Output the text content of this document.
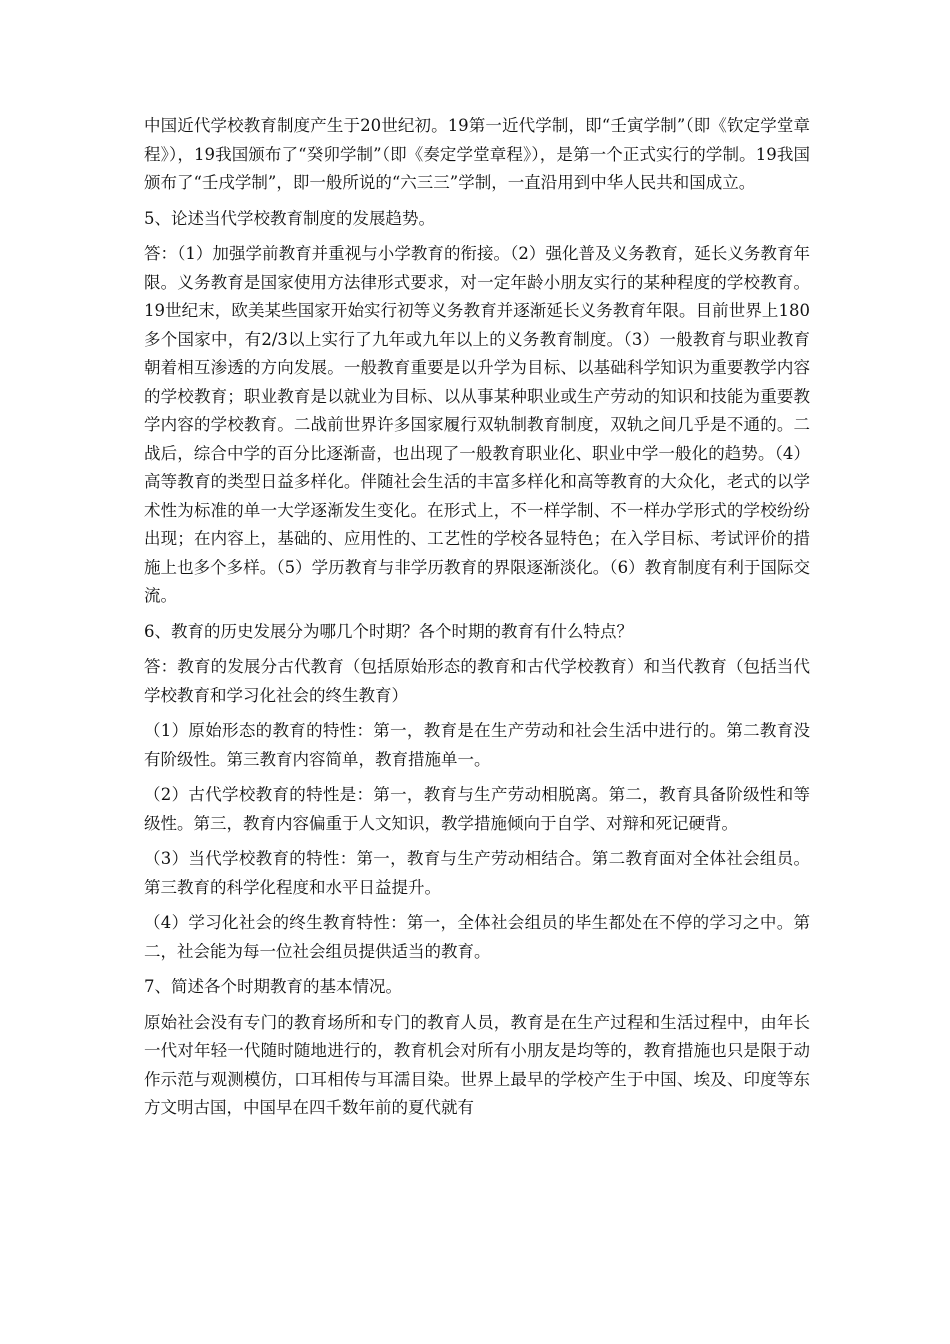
中国近代学校教育制度产生于20世纪初。19第一近代学制，即“壬寅学制”（即《钦定学堂章程》），19我国颁布了“癸卯学制”（即《奏定学堂章程》），是第一个正式实行的学制。19我国颁布了“壬戌学制”，即一般所说的“六三三”学制，一直沿用到中华人民共和国成立。

5、论述当代学校教育制度的发展趋势。

答：（1）加强学前教育并重视与小学教育的衔接。（2）强化普及义务教育，延长义务教育年限。义务教育是国家使用方法律形式要求，对一定年龄小朋友实行的某种程度的学校教育。19世纪末，欧美某些国家开始实行初等义务教育并逐渐延长义务教育年限。目前世界上180多个国家中，有2/3以上实行了九年或九年以上的义务教育制度。（3）一般教育与职业教育朝着相互渗透的方向发展。一般教育重要是以升学为目标、以基础科学知识为重要教学内容的学校教育；职业教育是以就业为目标、以从事某种职业或生产劳动的知识和技能为重要教学内容的学校教育。二战前世界许多国家履行双轨制教育制度，双轨之间几乎是不通的。二战后，综合中学的百分比逐渐啬，也出现了一般教育职业化、职业中学一般化的趋势。（4）高等教育的类型日益多样化。伴随社会生活的丰富多样化和高等教育的大众化，老式的以学术性为标准的单一大学逐渐发生变化。在形式上，不一样学制、不一样办学形式的学校纷纷出现；在内容上，基础的、应用性的、工艺性的学校各显特色；在入学目标、考试评价的措施上也多个多样。（5）学历教育与非学历教育的界限逐渐淡化。（6）教育制度有利于国际交流。

6、教育的历史发展分为哪几个时期？各个时期的教育有什么特点？

答：教育的发展分古代教育（包括原始形态的教育和古代学校教育）和当代教育（包括当代学校教育和学习化社会的终生教育）

（1）原始形态的教育的特性：第一，教育是在生产劳动和社会生活中进行的。第二教育没有阶级性。第三教育内容简单，教育措施单一。

（2）古代学校教育的特性是：第一，教育与生产劳动相脱离。第二，教育具备阶级性和等级性。第三，教育内容偏重于人文知识，教学措施倾向于自学、对辩和死记硬背。

（3）当代学校教育的特性：第一，教育与生产劳动相结合。第二教育面对全体社会组员。第三教育的科学化程度和水平日益提升。

（4）学习化社会的终生教育特性：第一，全体社会组员的毕生都处在不停的学习之中。第二，社会能为每一位社会组员提供适当的教育。

7、简述各个时期教育的基本情况。

原始社会没有专门的教育场所和专门的教育人员，教育是在生产过程和生活过程中，由年长一代对年轻一代随时随地进行的，教育机会对所有小朋友是均等的，教育措施也只是限于动作示范与观测模仿，口耳相传与耳濡目染。世界上最早的学校产生于中国、埃及、印度等东方文明古国，中国早在四千数年前的夏代就有
